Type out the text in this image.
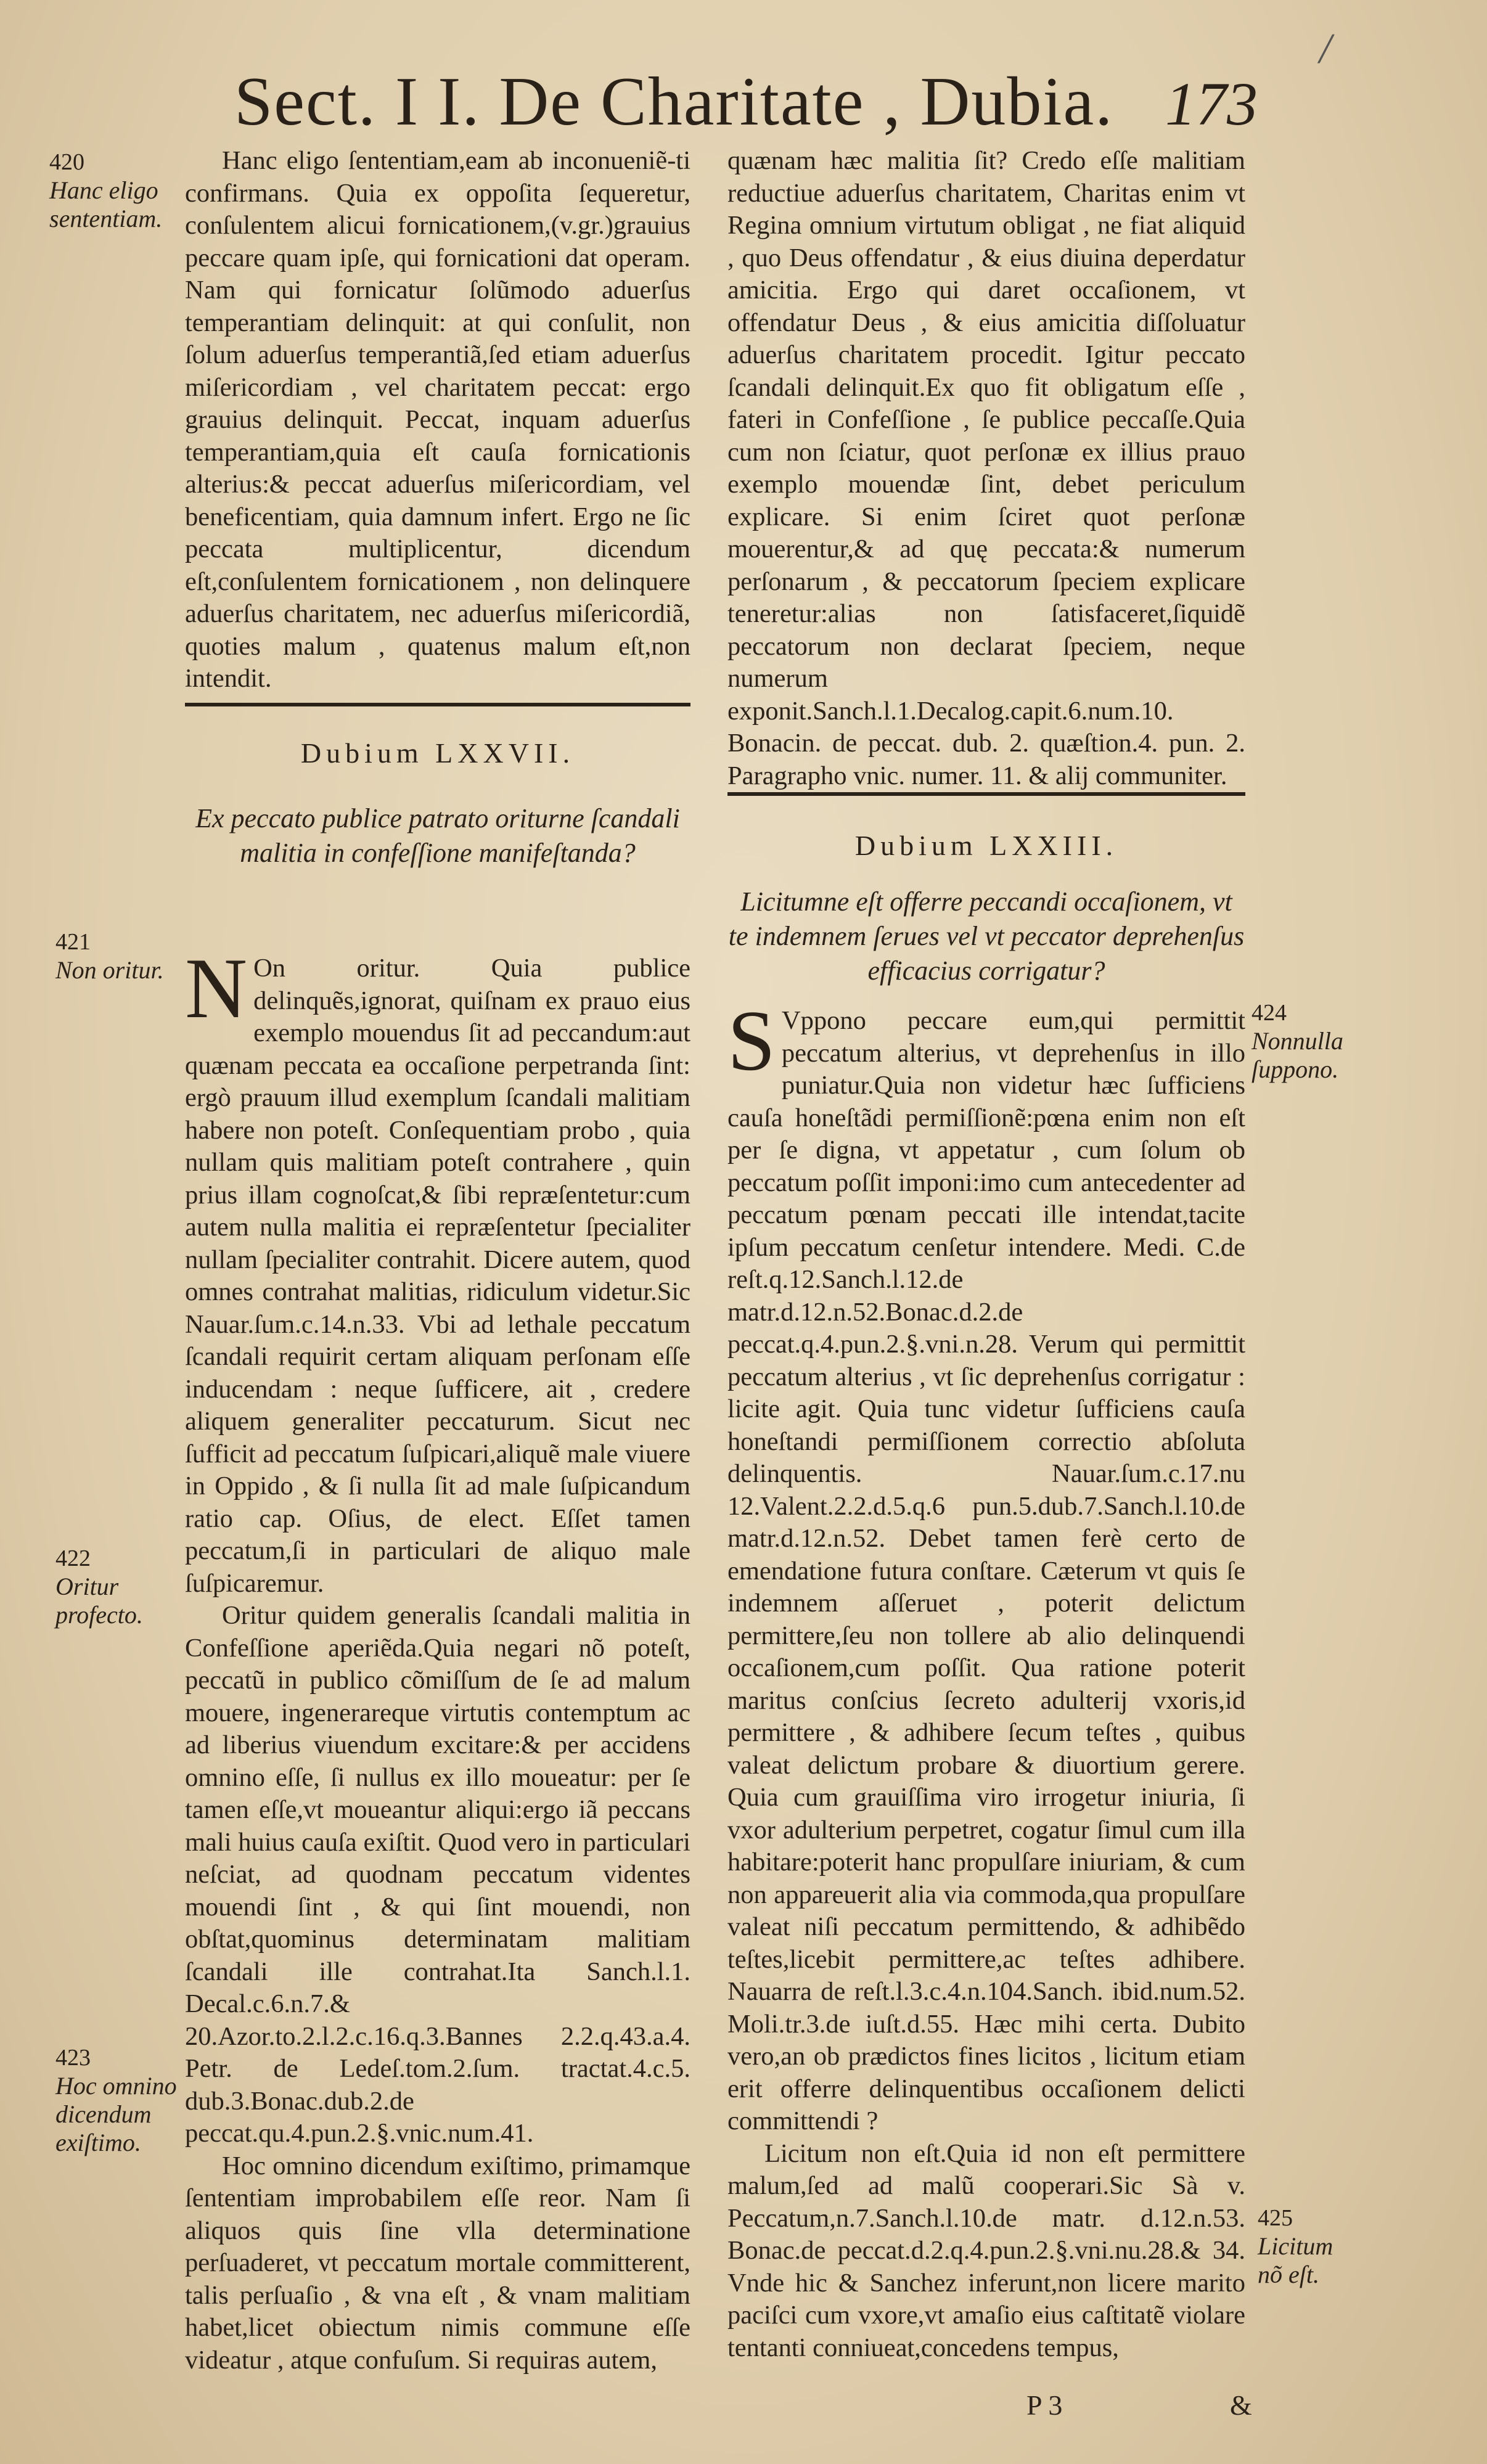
/
Sect. I I. De Charitate , Dubia. 173
420
Hanc eligo sententiam.

Hanc eligo ſententiam,eam ab inconueniẽ-ti confirmans. Quia ex oppoſita ſequeretur, conſulentem alicui fornicationem,(v.gr.)grauius peccare quam ipſe, qui fornicationi dat operam. Nam qui fornicatur ſolũmodo aduerſus temperantiam delinquit: at qui conſulit, non ſolum aduerſus temperantiã,ſed etiam aduerſus miſericordiam , vel charitatem peccat: ergo grauius delinquit. Peccat, inquam aduerſus temperantiam,quia eſt cauſa fornicationis alterius:& peccat aduerſus miſericordiam, vel beneficentiam, quia damnum infert. Ergo ne ſic peccata multiplicentur, dicendum eſt,conſulentem fornicationem , non delinquere aduerſus charitatem, nec aduerſus miſericordiã, quoties malum , quatenus malum eſt,non intendit.

Dubium LXXVII.
Ex peccato publice patrato oriturne ſcandali malitia in confeſſione manifeſtanda?
421
Non oritur.
422
Oritur profecto.
423
Hoc omnino dicendum exiſtimo.

N On oritur. Quia publice delinquẽs,ignorat, quiſnam ex prauo eius exemplo mouendus ſit ad peccandum:aut quænam peccata ea occaſione perpetranda ſint: ergò prauum illud exemplum ſcandali malitiam habere non poteſt. Conſequentiam probo , quia nullam quis malitiam poteſt contrahere , quin prius illam cognoſcat,& ſibi repræſentetur:cum autem nulla malitia ei repræſentetur ſpecialiter nullam ſpecialiter contrahit. Dicere autem, quod omnes contrahat malitias, ridiculum videtur.Sic Nauar.ſum.c.14.n.33. Vbi ad lethale peccatum ſcandali requirit certam aliquam perſonam eſſe inducendam : neque ſufficere, ait , credere aliquem generaliter peccaturum. Sicut nec ſufficit ad peccatum ſuſpicari,aliquẽ male viuere in Oppido , & ſi nulla ſit ad male ſuſpicandum ratio cap. Oſius, de elect. Eſſet tamen peccatum,ſi in particulari de aliquo male ſuſpicaremur.

Oritur quidem generalis ſcandali malitia in Confeſſione aperiẽda.Quia negari nõ poteſt, peccatũ in publico cõmiſſum de ſe ad malum mouere, ingenerareque virtutis contemptum ac ad liberius viuendum excitare:& per accidens omnino eſſe, ſi nullus ex illo moueatur: per ſe tamen eſſe,vt moueantur aliqui:ergo iã peccans mali huius cauſa exiſtit. Quod vero in particulari neſciat, ad quodnam peccatum videntes mouendi ſint , & qui ſint mouendi, non obſtat,quominus determinatam malitiam ſcandali ille contrahat.Ita Sanch.l.1. Decal.c.6.n.7.& 20.Azor.to.2.l.2.c.16.q.3.Bannes 2.2.q.43.a.4. Petr. de Ledeſ.tom.2.ſum. tractat.4.c.5. dub.3.Bonac.dub.2.de peccat.qu.4.pun.2.§.vnic.num.41.

Hoc omnino dicendum exiſtimo, primamque ſententiam improbabilem eſſe reor. Nam ſi aliquos quis ſine vlla determinatione perſuaderet, vt peccatum mortale committerent, talis perſuaſio , & vna eſt , & vnam malitiam habet,licet obiectum nimis commune eſſe videatur , atque confuſum. Si requiras autem,

quænam hæc malitia ſit? Credo eſſe malitiam reductiue aduerſus charitatem, Charitas enim vt Regina omnium virtutum obligat , ne fiat aliquid , quo Deus offendatur , & eius diuina deperdatur amicitia. Ergo qui daret occaſionem, vt offendatur Deus , & eius amicitia diſſoluatur aduerſus charitatem procedit. Igitur peccato ſcandali delinquit.Ex quo fit obligatum eſſe , fateri in Confeſſione , ſe publice peccaſſe.Quia cum non ſciatur, quot perſonæ ex illius prauo exemplo mouendæ ſint, debet periculum explicare. Si enim ſciret quot perſonæ mouerentur,& ad quę peccata:& numerum perſonarum , & peccatorum ſpeciem explicare teneretur:alias non ſatisfaceret,ſiquidẽ peccatorum non declarat ſpeciem, neque numerum exponit.Sanch.l.1.Decalog.capit.6.num.10. Bonacin. de peccat. dub. 2. quæſtion.4. pun. 2. Paragrapho vnic. numer. 11. & alij communiter.

Dubium LXXIII.
Licitumne eſt offerre peccandi occaſionem, vt te indemnem ſerues vel vt peccator deprehenſus efficacius corrigatur?
424
Nonnulla ſuppono.
425
Licitum nõ eſt.

S Vppono peccare eum,qui permittit peccatum alterius, vt deprehenſus in illo puniatur.Quia non videtur hæc ſufficiens cauſa honeſtãdi permiſſionẽ:pœna enim non eſt per ſe digna, vt appetatur , cum ſolum ob peccatum poſſit imponi:imo cum antecedenter ad peccatum pœnam peccati ille intendat,tacite ipſum peccatum cenſetur intendere. Medi. C.de reſt.q.12.Sanch.l.12.de matr.d.12.n.52.Bonac.d.2.de peccat.q.4.pun.2.§.vni.n.28. Verum qui permittit peccatum alterius , vt ſic deprehenſus corrigatur : licite agit. Quia tunc videtur ſufficiens cauſa honeſtandi permiſſionem correctio abſoluta delinquentis. Nauar.ſum.c.17.nu 12.Valent.2.2.d.5.q.6 pun.5.dub.7.Sanch.l.10.de matr.d.12.n.52. Debet tamen ferè certo de emendatione futura conſtare. Cæterum vt quis ſe indemnem aſſeruet , poterit delictum permittere,ſeu non tollere ab alio delinquendi occaſionem,cum poſſit. Qua ratione poterit maritus conſcius ſecreto adulterij vxoris,id permittere , & adhibere ſecum teſtes , quibus valeat delictum probare & diuortium gerere. Quia cum grauiſſima viro irrogetur iniuria, ſi vxor adulterium perpetret, cogatur ſimul cum illa habitare:poterit hanc propulſare iniuriam, & cum non appareuerit alia via commoda,qua propulſare valeat niſi peccatum permittendo, & adhibẽdo teſtes,licebit permittere,ac teſtes adhibere. Nauarra de reſt.l.3.c.4.n.104.Sanch. ibid.num.52. Moli.tr.3.de iuſt.d.55. Hæc mihi certa. Dubito vero,an ob prædictos fines licitos , licitum etiam erit offerre delinquentibus occaſionem delicti committendi ?

Licitum non eſt.Quia id non eſt permittere malum,ſed ad malũ cooperari.Sic Sà v. Peccatum,n.7.Sanch.l.10.de matr. d.12.n.53. Bonac.de peccat.d.2.q.4.pun.2.§.vni.nu.28.& 34. Vnde hic & Sanchez inferunt,non licere marito paciſci cum vxore,vt amaſio eius caſtitatẽ violare tentanti conniueat,concedens tempus,

P 3	&
